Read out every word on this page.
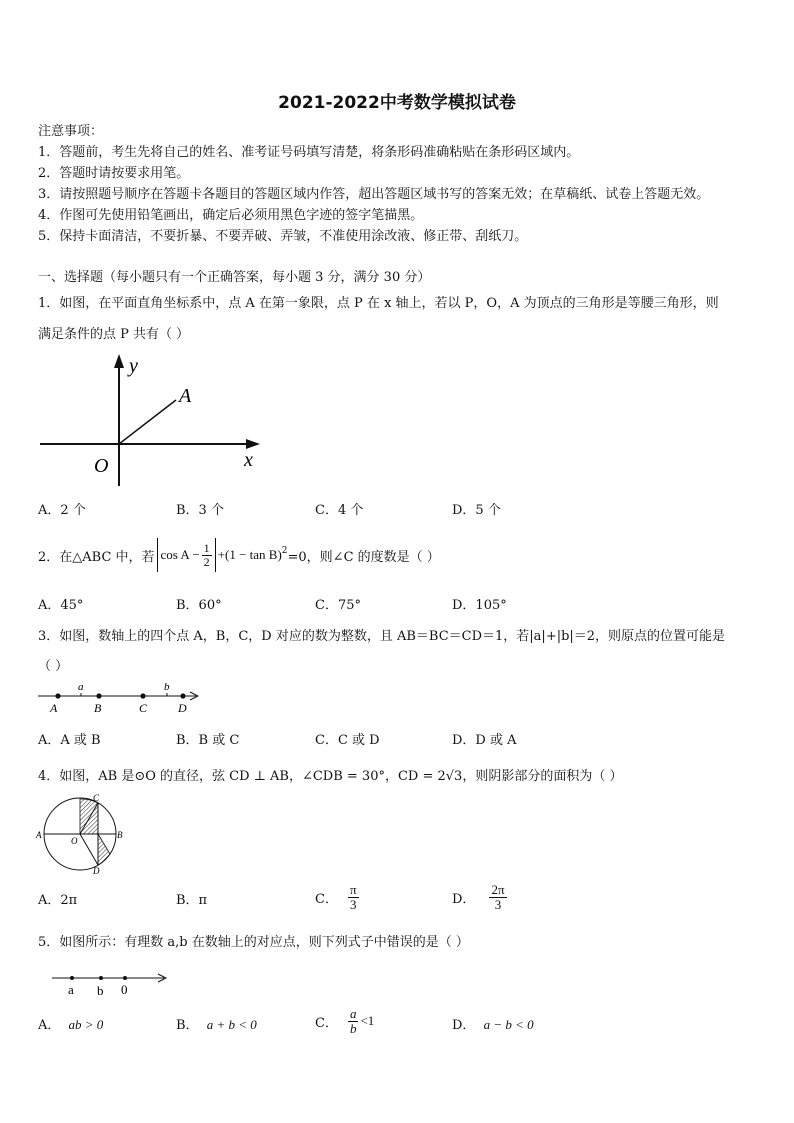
2021-2022中考数学模拟试卷
注意事项：
1．答题前，考生先将自己的姓名、准考证号码填写清楚，将条形码准确粘贴在条形码区域内。
2．答题时请按要求用笔。
3．请按照题号顺序在答题卡各题目的答题区域内作答，超出答题区域书写的答案无效；在草稿纸、试卷上答题无效。
4．作图可先使用铅笔画出，确定后必须用黑色字迹的签字笔描黑。
5．保持卡面清洁，不要折暴、不要弄破、弄皱，不准使用涂改液、修正带、刮纸刀。
一、选择题（每小题只有一个正确答案，每小题 3 分，满分 30 分）
1．如图，在平面直角坐标系中，点 A 在第一象限，点 P 在 x 轴上，若以 P，O，A 为顶点的三角形是等腰三角形，则
满足条件的点 P 共有（ ）
y
x
O
A
A．2 个	B．3 个	C．4 个	D．5 个
2．在△ABC 中，若 $\cos A - \frac{1}{2} +(1 - \tan B)^2 =0$，则∠C 的度数是（ ）
A．45°	B．60°	C．75°	D．105°
3．如图，数轴上的四个点 A，B，C，D 对应的数为整数，且 AB＝BC＝CD＝1，若|a|+|b|＝2，则原点的位置可能是
（ ）
a	b
A	B	C	D
A．A 或 B	B．B 或 C	C．C 或 D	D．D 或 A
4．如图，AB 是⊙O 的直径，弦 CD ⊥ AB，∠CDB = 30°，CD = 2√3，则阴影部分的面积为（ ）
A	B
C
D
O
A．2π	B．π	C． $\frac{\pi}{3}$	D． $\frac{2\pi}{3}$
5．如图所示：有理数 a,b 在数轴上的对应点，则下列式子中错误的是（ ）
a b 0
A． ab > 0	B． a + b < 0	C． $\frac{a}{b} <1$	D． a − b < 0
